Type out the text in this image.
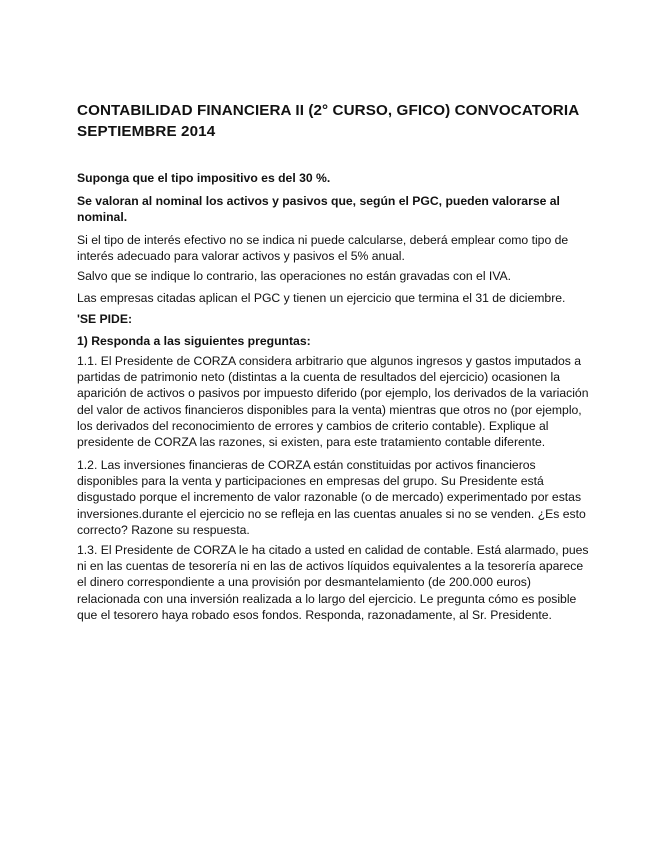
CONTABILIDAD FINANCIERA II (2° CURSO, GFICO) CONVOCATORIA
SEPTIEMBRE 2014
Suponga que el tipo impositivo es del 30 %.
Se valoran al nominal los activos y pasivos que, según el PGC, pueden valorarse al
nominal.
Si el tipo de interés efectivo no se indica ni puede calcularse, deberá emplear como tipo de
interés adecuado para valorar activos y pasivos el 5% anual.
Salvo que se indique lo contrario, las operaciones no están gravadas con el IVA.
Las empresas citadas aplican el PGC y tienen un ejercicio que termina el 31 de diciembre.
'SE PIDE:
1) Responda a las siguientes preguntas:
1.1. El Presidente de CORZA considera arbitrario que algunos ingresos y gastos imputados a
partidas de patrimonio neto (distintas a la cuenta de resultados del ejercicio) ocasionen la
aparición de activos o pasivos por impuesto diferido (por ejemplo, los derivados de la variación
del valor de activos financieros disponibles para la venta) mientras que otros no (por ejemplo,
los derivados del reconocimiento de errores y cambios de criterio contable). Explique al
presidente de CORZA las razones, si existen, para este tratamiento contable diferente.
1.2. Las inversiones financieras de CORZA están constituidas por activos financieros
disponibles para la venta y participaciones en empresas del grupo. Su Presidente está
disgustado porque el incremento de valor razonable (o de mercado) experimentado por estas
inversiones.durante el ejercicio no se refleja en las cuentas anuales si no se venden. ¿Es esto
correcto? Razone su respuesta.
1.3. El Presidente de CORZA le ha citado a usted en calidad de contable. Está alarmado, pues
ni en las cuentas de tesorería ni en las de activos líquidos equivalentes a la tesorería aparece
el dinero correspondiente a una provisión por desmantelamiento (de 200.000 euros)
relacionada con una inversión realizada a lo largo del ejercicio. Le pregunta cómo es posible
que el tesorero haya robado esos fondos. Responda, razonadamente, al Sr. Presidente.
